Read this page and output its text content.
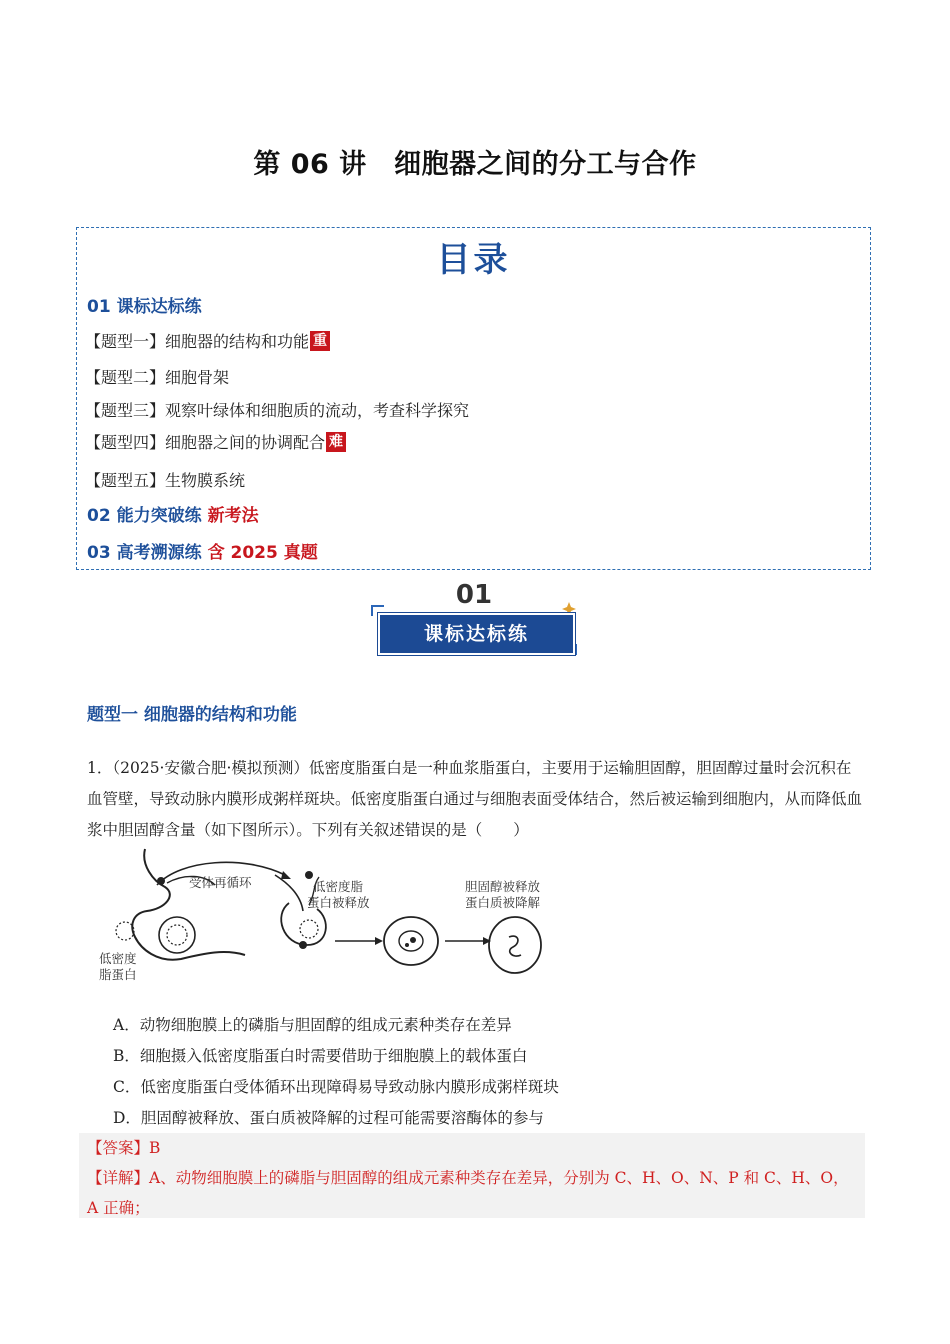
第 06 讲　细胞器之间的分工与合作
目录
01 课标达标练
【题型一】细胞器的结构和功能 重
【题型二】细胞骨架
【题型三】观察叶绿体和细胞质的流动，考查科学探究
【题型四】细胞器之间的协调配合 难
【题型五】生物膜系统
02 能力突破练 新考法
03 高考溯源练 含 2025 真题
01
课标达标练
题型一 细胞器的结构和功能
1．（2025·安徽合肥·模拟预测）低密度脂蛋白是一种血浆脂蛋白，主要用于运输胆固醇，胆固醇过量时会沉积在血管壁，导致动脉内膜形成粥样斑块。低密度脂蛋白通过与细胞表面受体结合，然后被运输到细胞内，从而降低血浆中胆固醇含量（如下图所示）。下列有关叙述错误的是（　　）
受体再循环	低密度脂
蛋白被释放
胆固醇被释放
蛋白质被降解
低密度
脂蛋白
A．动物细胞膜上的磷脂与胆固醇的组成元素种类存在差异
B．细胞摄入低密度脂蛋白时需要借助于细胞膜上的载体蛋白
C．低密度脂蛋白受体循环出现障碍易导致动脉内膜形成粥样斑块
D．胆固醇被释放、蛋白质被降解的过程可能需要溶酶体的参与
【答案】B
【详解】A、动物细胞膜上的磷脂与胆固醇的组成元素种类存在差异，分别为 C、H、O、N、P 和 C、H、O，A 正确；
